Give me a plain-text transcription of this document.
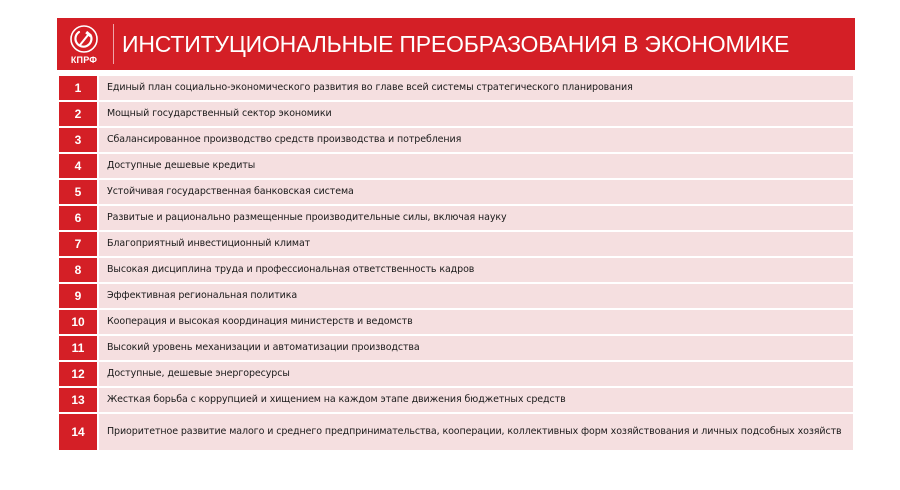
КПРФ
ИНСТИТУЦИОНАЛЬНЫЕ ПРЕОБРАЗОВАНИЯ В ЭКОНОМИКЕ
1	Единый план социально-экономического развития во главе всей системы стратегического планирования
2	Мощный государственный сектор экономики
3	Сбалансированное производство средств производства и потребления
4	Доступные дешевые кредиты
5	Устойчивая государственная банковская система
6	Развитые и рационально размещенные производительные силы, включая науку
7	Благоприятный инвестиционный климат
8	Высокая дисциплина труда и профессиональная ответственность кадров
9	Эффективная региональная политика
10	Кооперация и высокая координация министерств и ведомств
11	Высокий уровень механизации и автоматизации производства
12	Доступные, дешевые энергоресурсы
13	Жесткая борьба с коррупцией и хищением на каждом этапе движения бюджетных средств
14	Приоритетное развитие малого и среднего предпринимательства, кооперации, коллективных форм хозяйствования и личных подсобных хозяйств
